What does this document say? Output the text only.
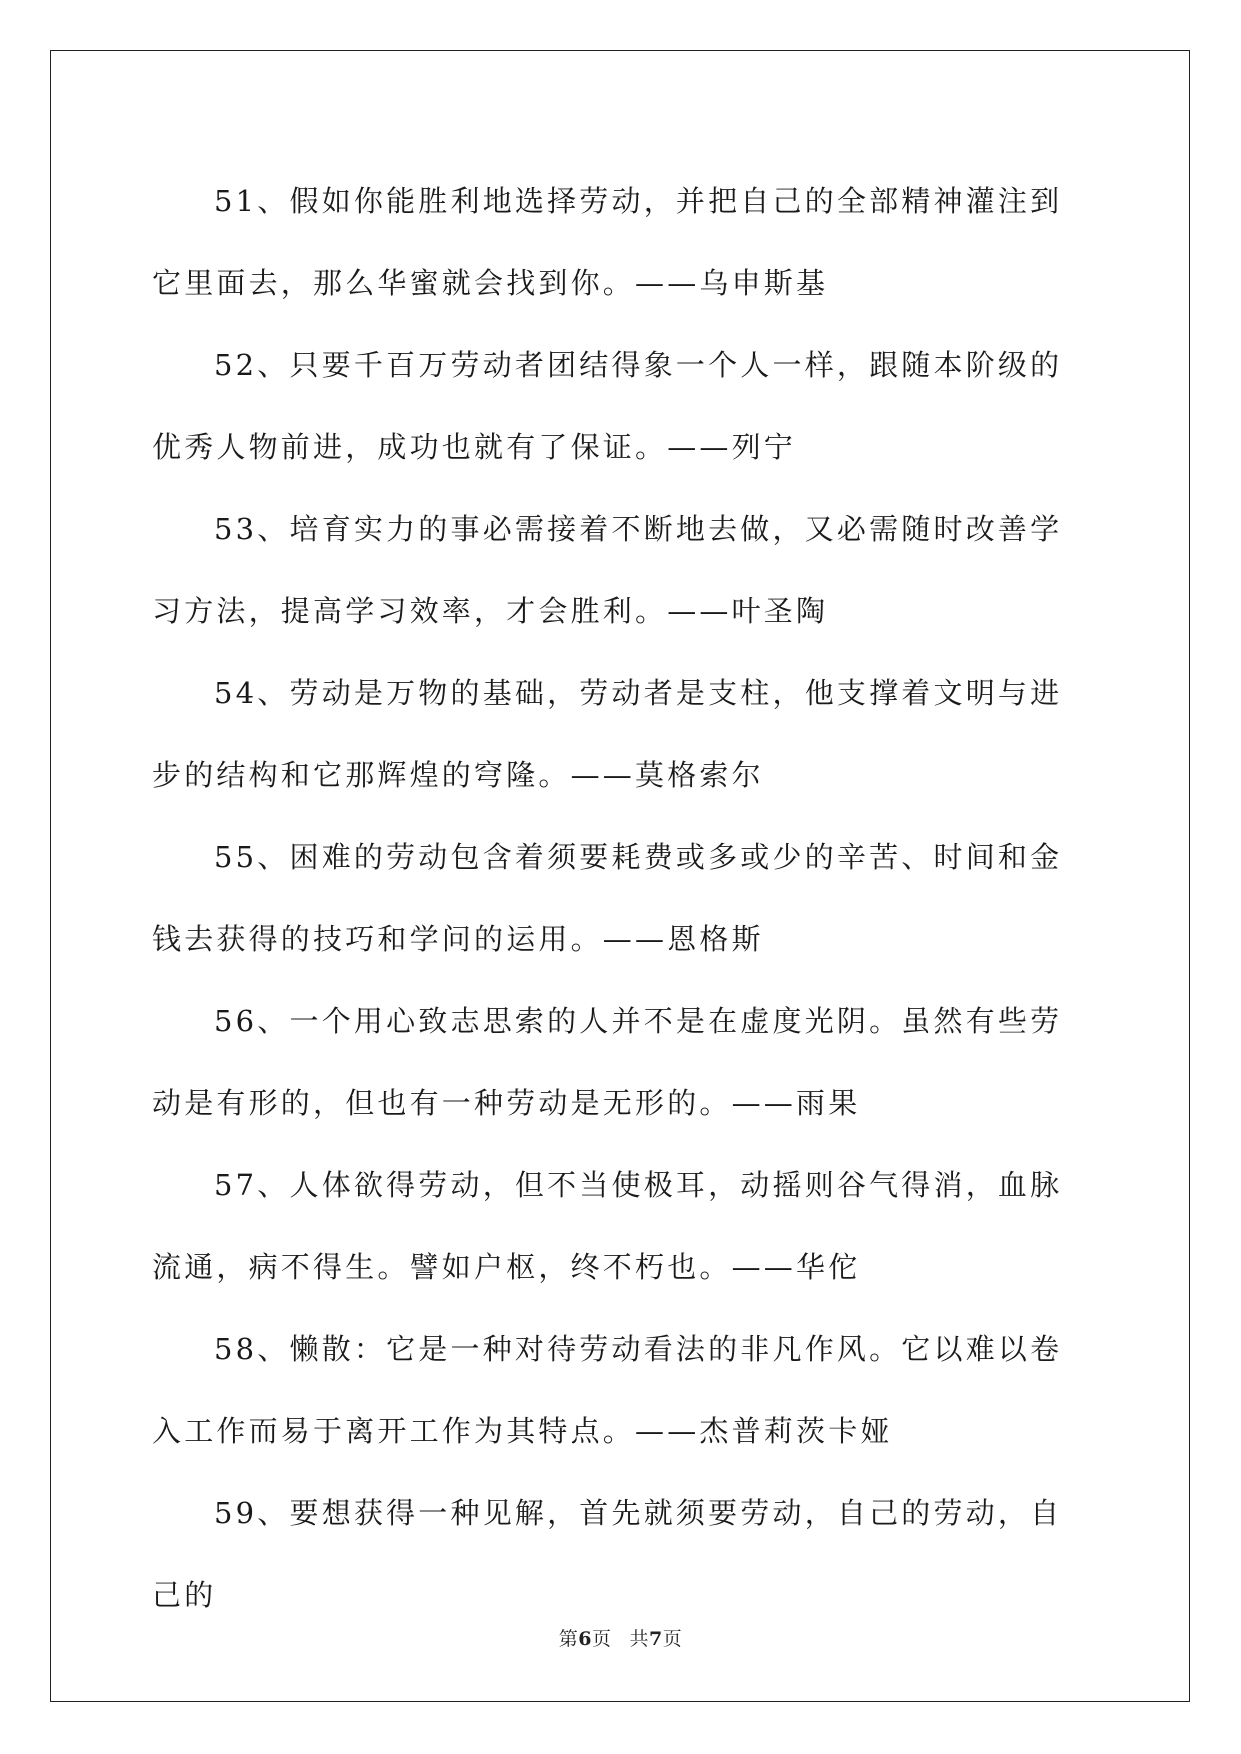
51、假如你能胜利地选择劳动，并把自己的全部精神灌注到它里面去，那么华蜜就会找到你。——乌申斯基

52、只要千百万劳动者团结得象一个人一样，跟随本阶级的优秀人物前进，成功也就有了保证。——列宁

53、培育实力的事必需接着不断地去做，又必需随时改善学习方法，提高学习效率，才会胜利。——叶圣陶

54、劳动是万物的基础，劳动者是支柱，他支撑着文明与进步的结构和它那辉煌的穹隆。——莫格索尔

55、困难的劳动包含着须要耗费或多或少的辛苦、时间和金钱去获得的技巧和学问的运用。——恩格斯

56、一个用心致志思索的人并不是在虚度光阴。虽然有些劳动是有形的，但也有一种劳动是无形的。——雨果

57、人体欲得劳动，但不当使极耳，动摇则谷气得消，血脉流通，病不得生。譬如户枢，终不朽也。——华佗

58、懒散：它是一种对待劳动看法的非凡作风。它以难以卷入工作而易于离开工作为其特点。——杰普莉茨卡娅

59、要想获得一种见解，首先就须要劳动，自己的劳动，自己的

第6页 共7页
